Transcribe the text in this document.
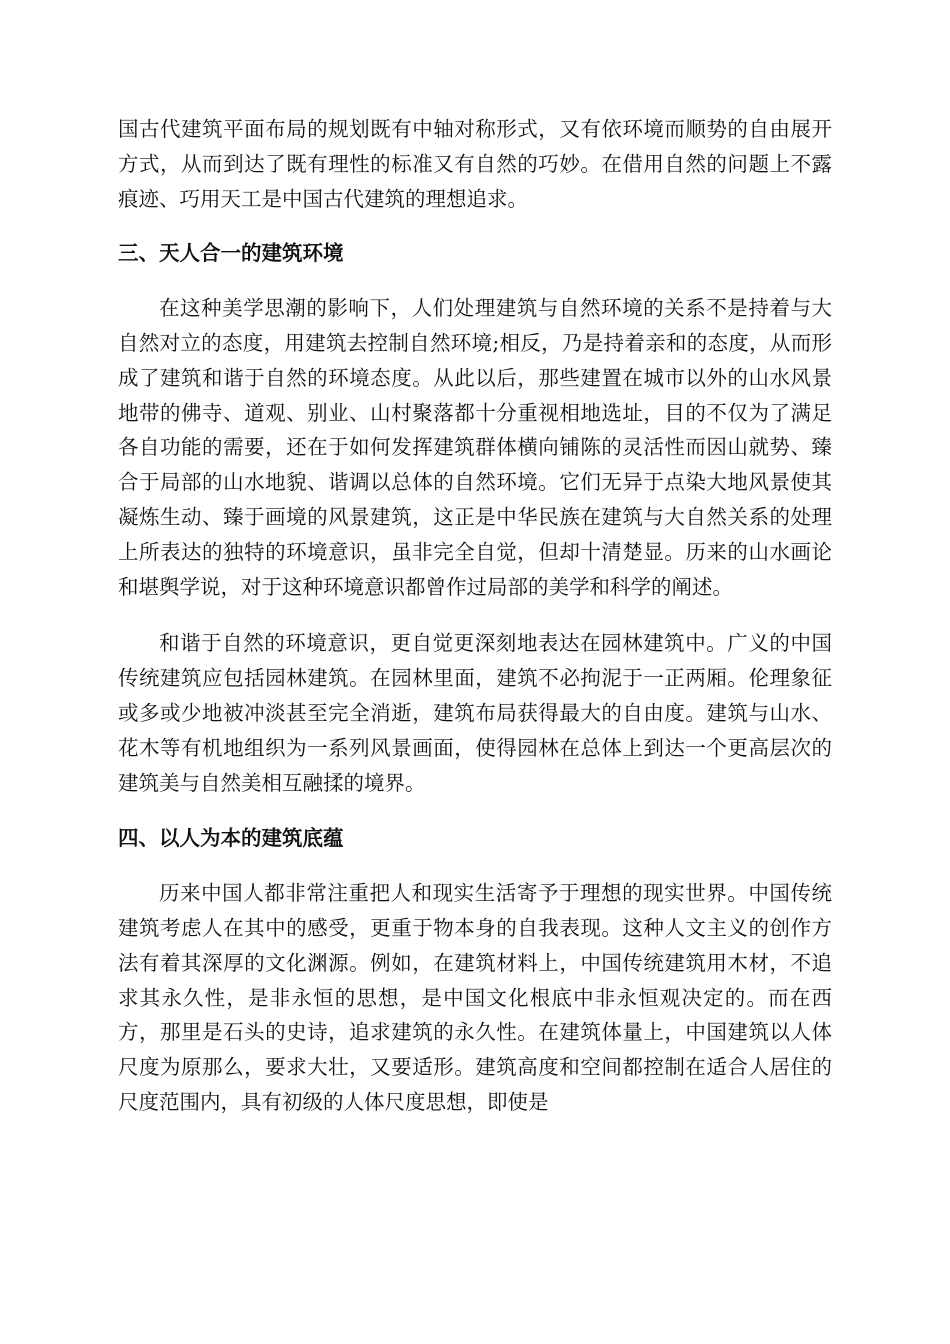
国古代建筑平面布局的规划既有中轴对称形式，又有依环境而顺势的自由展开方式，从而到达了既有理性的标准又有自然的巧妙。在借用自然的问题上不露痕迹、巧用天工是中国古代建筑的理想追求。

三、天人合一的建筑环境

在这种美学思潮的影响下，人们处理建筑与自然环境的关系不是持着与大自然对立的态度，用建筑去控制自然环境;相反，乃是持着亲和的态度，从而形成了建筑和谐于自然的环境态度。从此以后，那些建置在城市以外的山水风景地带的佛寺、道观、别业、山村聚落都十分重视相地选址，目的不仅为了满足各自功能的需要，还在于如何发挥建筑群体横向铺陈的灵活性而因山就势、臻合于局部的山水地貌、谐调以总体的自然环境。它们无异于点染大地风景使其凝炼生动、臻于画境的风景建筑，这正是中华民族在建筑与大自然关系的处理上所表达的独特的环境意识，虽非完全自觉，但却十清楚显。历来的山水画论和堪舆学说，对于这种环境意识都曾作过局部的美学和科学的阐述。

和谐于自然的环境意识，更自觉更深刻地表达在园林建筑中。广义的中国传统建筑应包括园林建筑。在园林里面，建筑不必拘泥于一正两厢。伦理象征或多或少地被冲淡甚至完全消逝，建筑布局获得最大的自由度。建筑与山水、花木等有机地组织为一系列风景画面，使得园林在总体上到达一个更高层次的建筑美与自然美相互融揉的境界。

四、以人为本的建筑底蕴

历来中国人都非常注重把人和现实生活寄予于理想的现实世界。中国传统建筑考虑人在其中的感受，更重于物本身的自我表现。这种人文主义的创作方法有着其深厚的文化渊源。例如，在建筑材料上，中国传统建筑用木材，不追求其永久性，是非永恒的思想，是中国文化根底中非永恒观决定的。而在西方，那里是石头的史诗，追求建筑的永久性。在建筑体量上，中国建筑以人体尺度为原那么，要求大壮，又要适形。建筑高度和空间都控制在适合人居住的尺度范围内，具有初级的人体尺度思想，即使是
